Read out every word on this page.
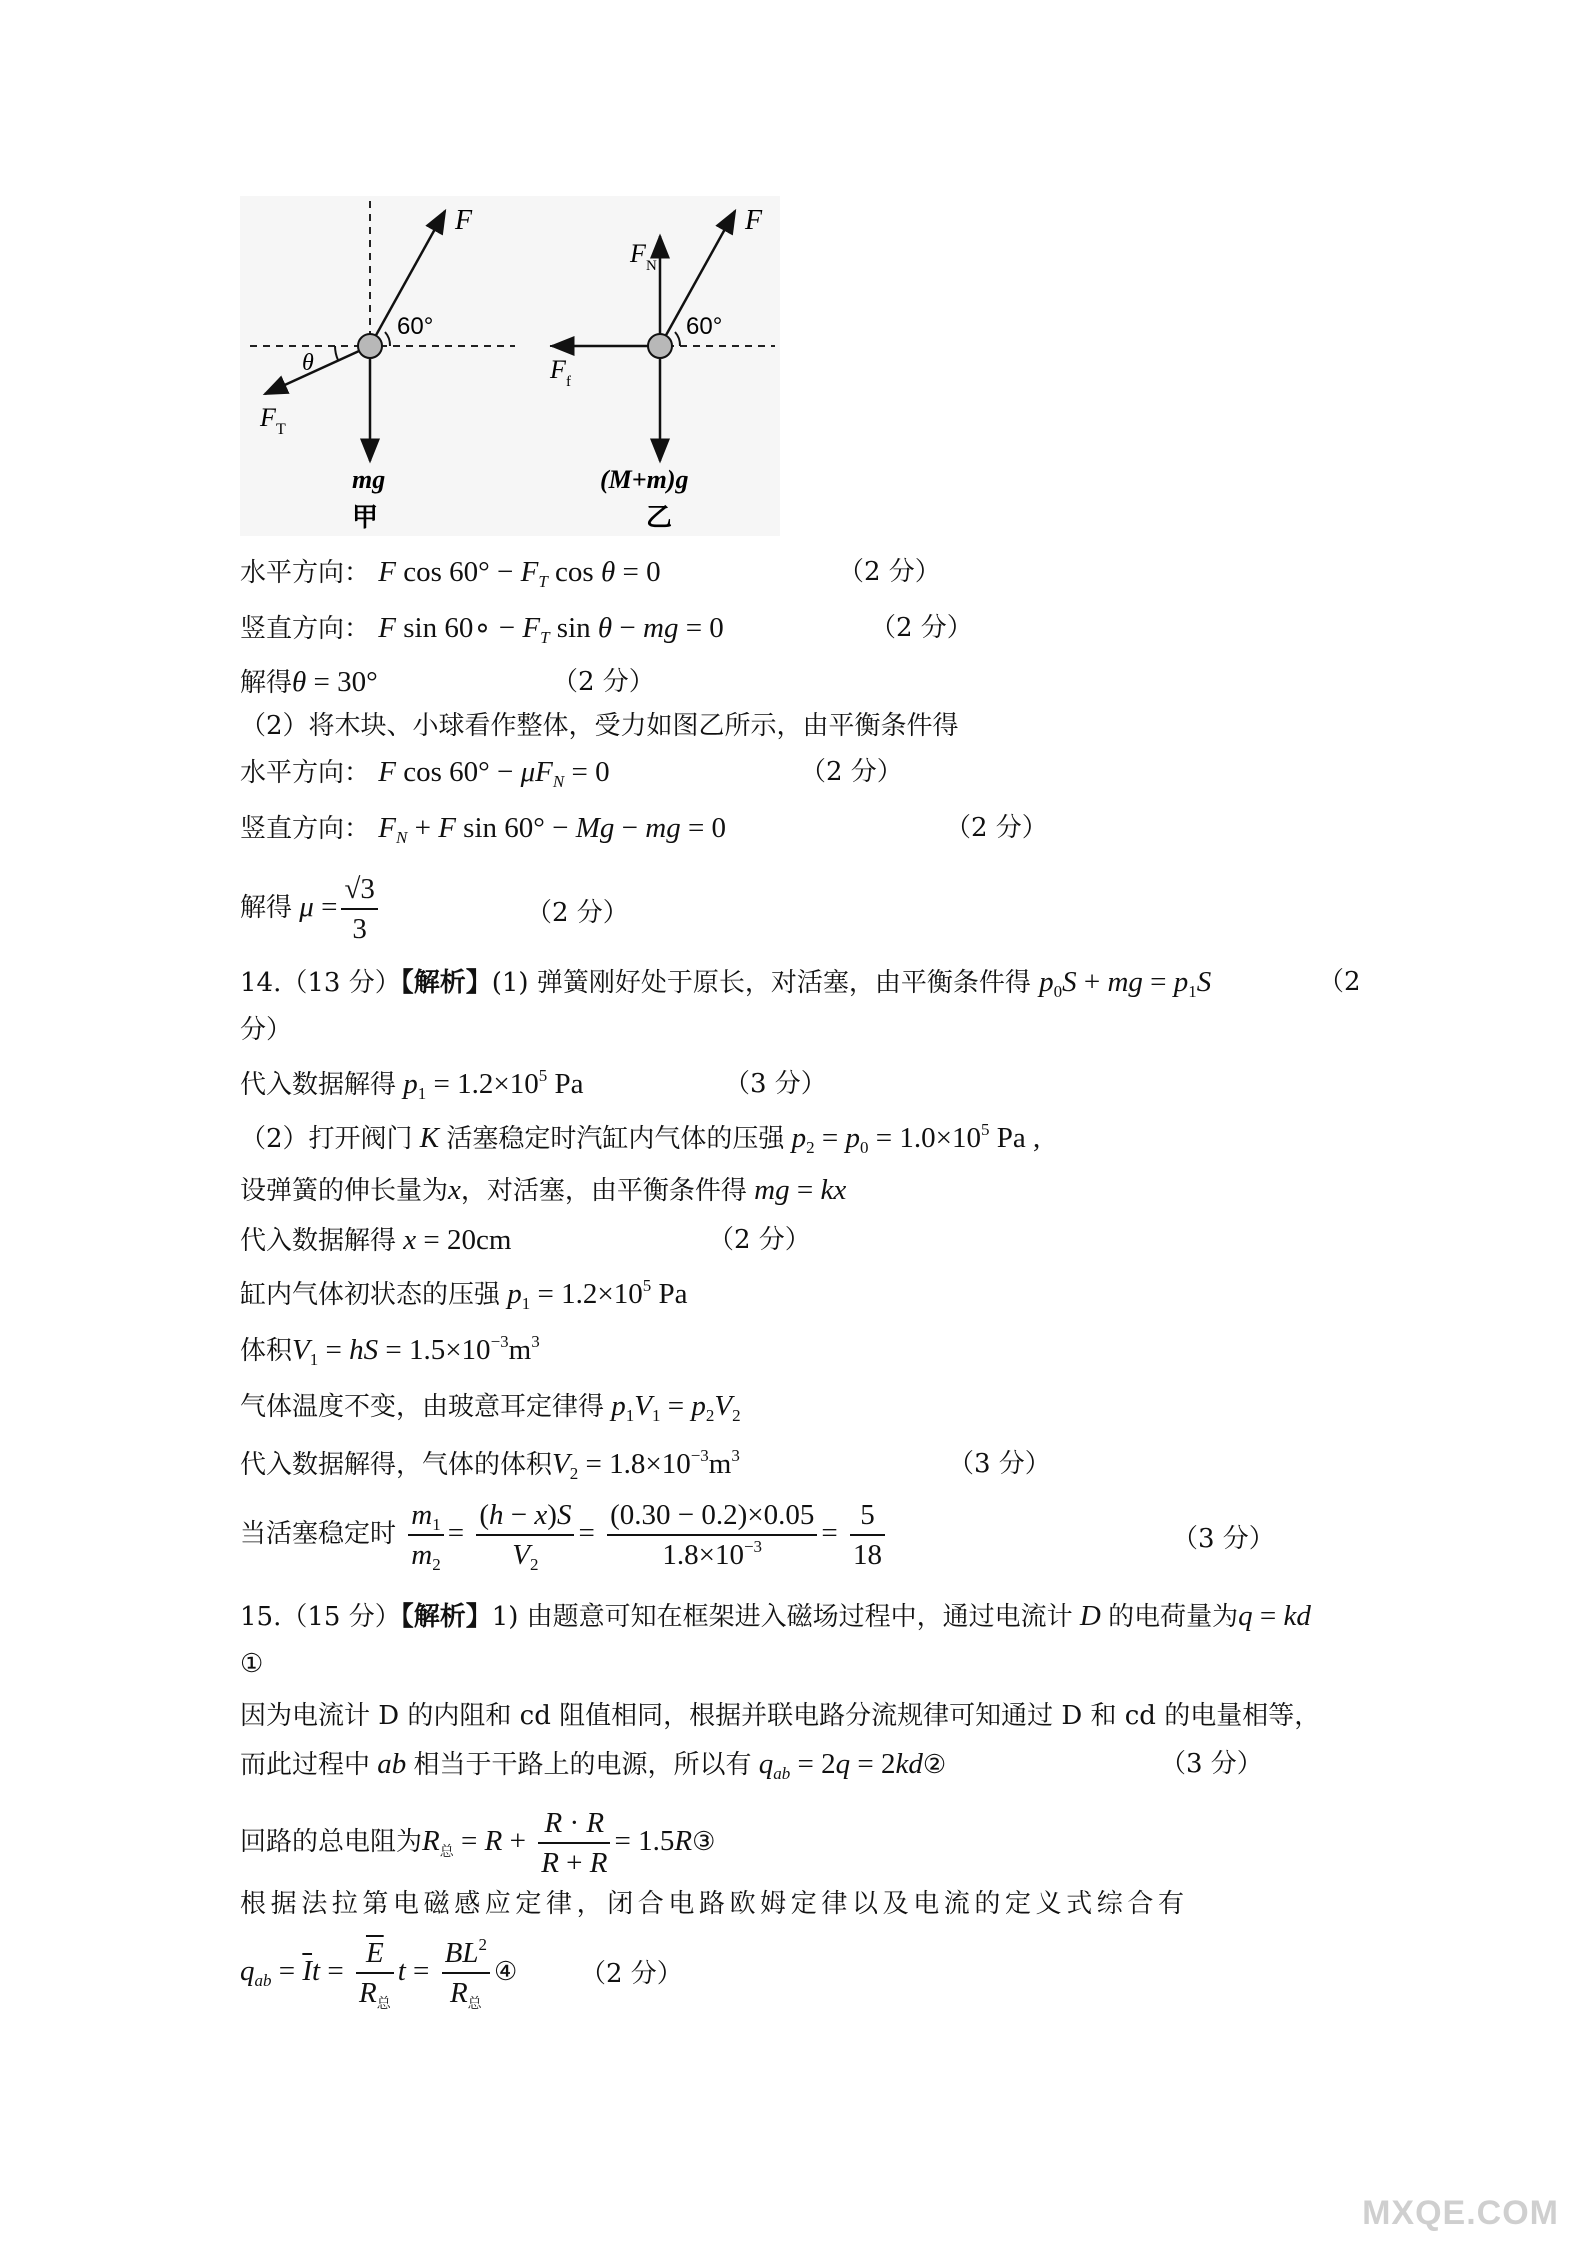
F
60°
θ
F T
mg
甲
F
60°
F N
F f
(M+m)g
乙
水平方向： F $\cos 60^\circ - F_T$ cos θ = 0	（2 分）
竖直方向： F sin 60∘ − $F_T$ sin θ − mg = 0	（2 分）
解得θ = 30°	（2 分）
（2）将木块、小球看作整体，受力如图乙所示，由平衡条件得
水平方向： F $\cos 60^\circ - \mu F_N = 0$	（2 分）
竖直方向： $F_N + F$ sin 60° − Mg − mg = 0	（2 分）
解得 $\mu = \frac{√3}{3}$	（2 分）
14.（13 分）【解析】(1) 弹簧刚好处于原长，对活塞，由平衡条件得 $p_0S$ + mg = $p_1S$	（2
分）
代入数据解得 $p_1 = 1.2\times 10^5$ Pa	（3 分）
（2）打开阀门 K 活塞稳定时汽缸内气体的压强 $p_2 = p_0 = 1.0\times 10^5$ Pa ,
设弹簧的伸长量为x，对活塞，由平衡条件得 mg = kx
代入数据解得 x = 20cm	（2 分）
缸内气体初状态的压强 $p_1 = 1.2\times 10^5$ Pa
体积$V_1$ = hS = $1.5\times 10^{-3}m^3$
气体温度不变，由玻意耳定律得 $p_1V_1 = p_2V_2$
代入数据解得，气体的体积$V_2 = 1.8\times 10^{-3}m^3$	（3 分）
当活塞稳定时 $\frac{m_1}{m_2} = \frac{(h - x)S}{V_2} = \frac{(0.30 - 0.2)\times 0.05}{1.8\times 10^{-3}} = \frac{5}{18}$	（3 分）
15.（15 分）【解析】1) 由题意可知在框架进入磁场过程中，通过电流计 D 的电荷量为q = kd
①
因为电流计 D 的内阻和 cd 阻值相同，根据并联电路分流规律可知通过 D 和 cd 的电量相等，
而此过程中 ab 相当于干路上的电源，所以有 $q_{ab} = 2q$ = 2kd②	（3 分）
回路的总电阻为$R_总 = R + \frac{R \cdot R}{R + R}$ = 1.5R③
根据法拉第电磁感应定律，闭合电路欧姆定律以及电流的定义式综合有
$q_{ab} = \overline{I}t = \frac{\overline{E}}{R_总}$ $t = \frac{BL^2}{R_总}$ ④ （2 分）
MXQE.COM
